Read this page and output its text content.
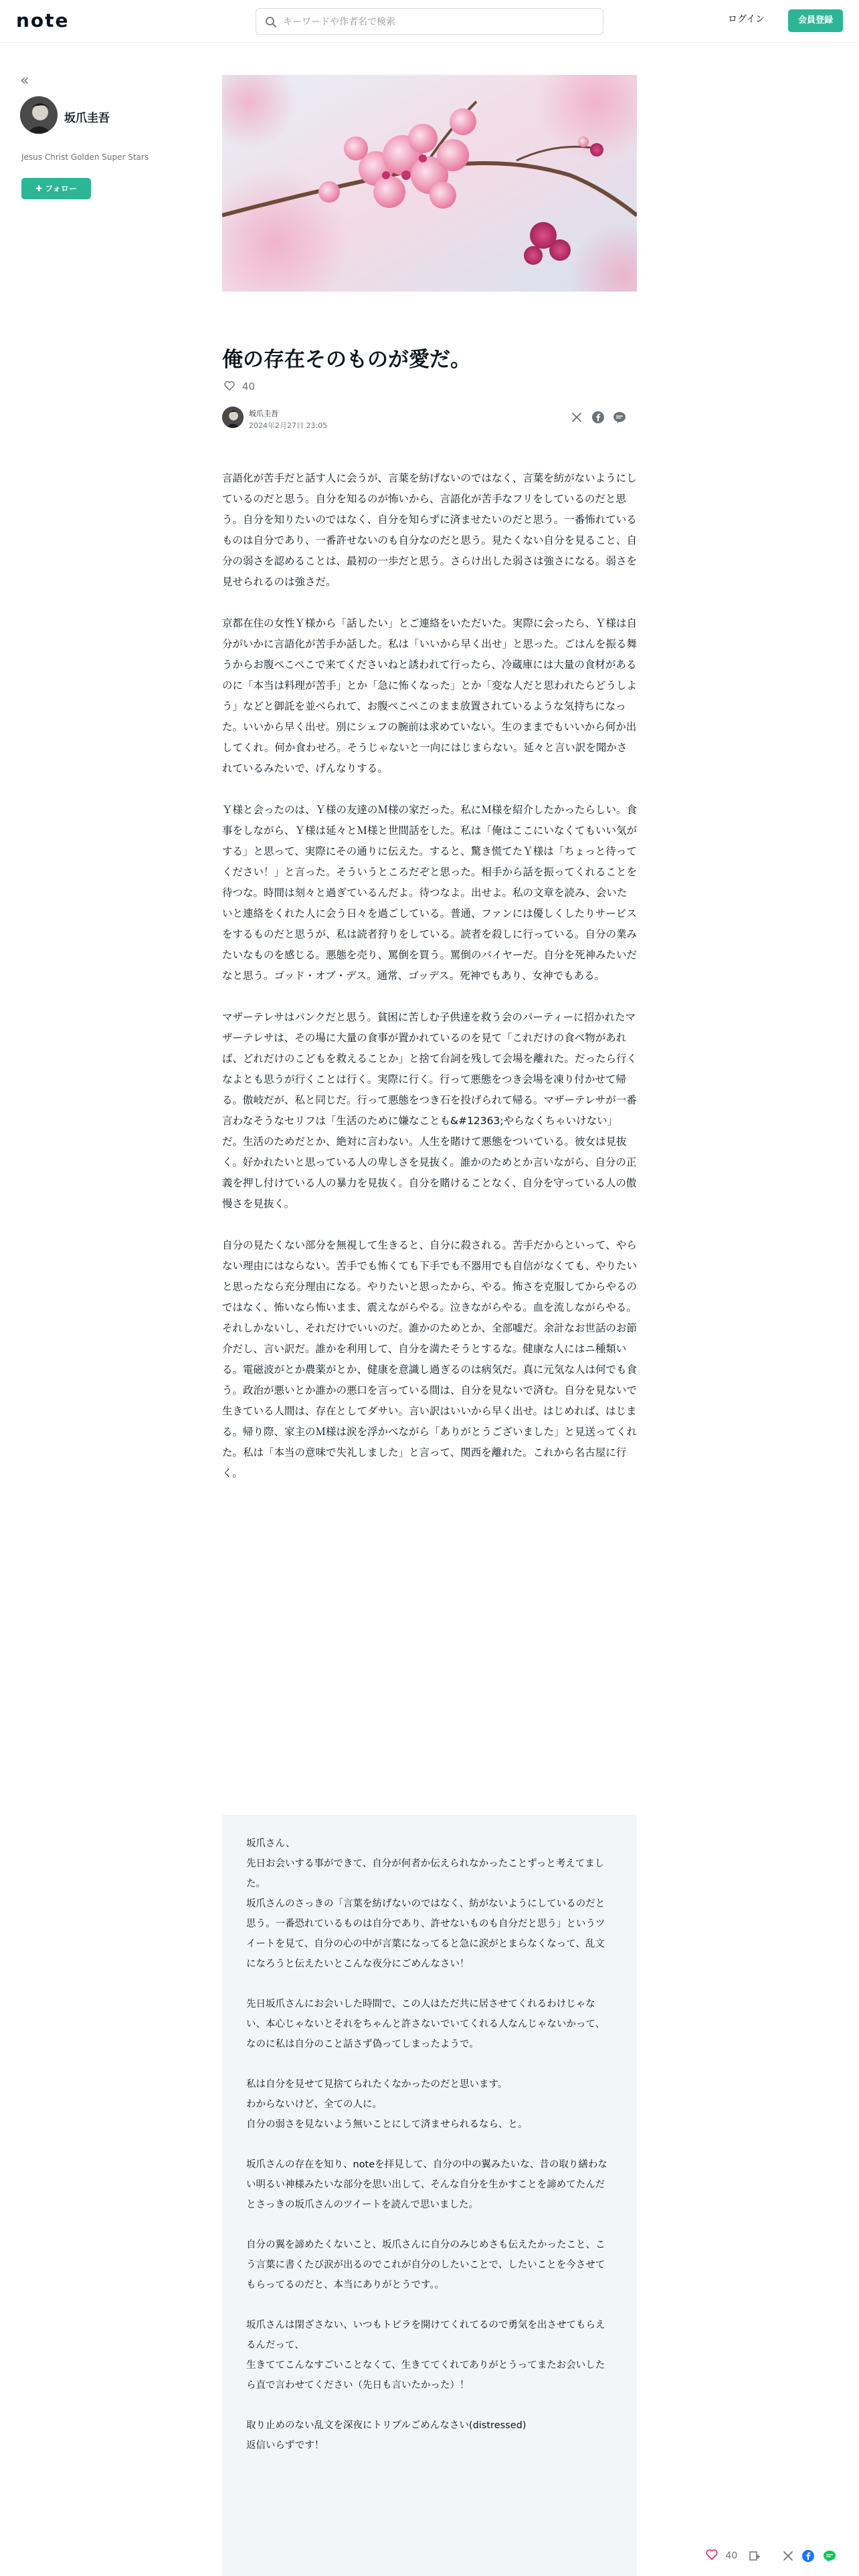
note
キーワードや作者名で検索	ログイン	会員登録
«
坂爪圭吾
Jesus Christ Golden Super Stars
✚ フォロー
俺の存在そのものが愛だ。
40
坂爪圭吾
2024年2月27日 23:05

言語化が苦手だと話す人に会うが、言葉を紡げないのではなく、言葉を紡がないようにしているのだと思う。自分を知るのが怖いから、言語化が苦手なフリをしているのだと思う。自分を知りたいのではなく、自分を知らずに済ませたいのだと思う。一番怖れているものは自分であり、一番許せないのも自分なのだと思う。見たくない自分を見ること、自分の弱さを認めることは、最初の一歩だと思う。さらけ出した弱さは強さになる。弱さを見せられるのは強さだ。

京都在住の女性Ｙ様から「話したい」とご連絡をいただいた。実際に会ったら、Ｙ様は自分がいかに言語化が苦手か話した。私は「いいから早く出せ」と思った。ごはんを振る舞うからお腹ぺこぺこで来てくださいねと誘われて行ったら、冷蔵庫には大量の食材があるのに「本当は料理が苦手」とか「急に怖くなった」とか「変な人だと思われたらどうしよう」などと御託を並べられて、お腹ぺこぺこのまま放置されているような気持ちになった。いいから早く出せ。別にシェフの腕前は求めていない。生のままでもいいから何か出してくれ。何か食わせろ。そうじゃないと一向にはじまらない。延々と言い訳を聞かされているみたいで、げんなりする。

Ｙ様と会ったのは、Ｙ様の友達のＭ様の家だった。私にＭ様を紹介したかったらしい。食事をしながら、Ｙ様は延々とＭ様と世間話をした。私は「俺はここにいなくてもいい気がする」と思って、実際にその通りに伝えた。すると、驚き慌てたＹ様は「ちょっと待ってください！」と言った。そういうところだぞと思った。相手から話を振ってくれることを待つな。時間は刻々と過ぎているんだよ。待つなよ。出せよ。私の文章を読み、会いたいと連絡をくれた人に会う日々を過ごしている。普通、ファンには優しくしたりサービスをするものだと思うが、私は読者狩りをしている。読者を殺しに行っている。自分の業みたいなものを感じる。悪態を売り、罵倒を買う。罵倒のバイヤーだ。自分を死神みたいだなと思う。ゴッド・オブ・デス。通常、ゴッデス。死神でもあり、女神でもある。

マザーテレサはパンクだと思う。貧困に苦しむ子供達を救う会のパーティーに招かれたマザーテレサは、その場に大量の食事が置かれているのを見て「これだけの食べ物があれば、どれだけのこどもを救えることか」と捨て台詞を残して会場を離れた。だったら行くなよとも思うが行くことは行く。実際に行く。行って悪態をつき会場を凍り付かせて帰る。傲岐だが、私と同じだ。行って悪態をつき石を投げられて帰る。マザーテレサが一番言わなそうなセリフは「生活のために嫌なことも&#12363;やらなくちゃいけない」だ。生活のためだとか、絶対に言わない。人生を賭けて悪態をついている。彼女は見抜く。好かれたいと思っている人の卑しさを見抜く。誰かのためとか言いながら、自分の正義を押し付けている人の暴力を見抜く。自分を賭けることなく、自分を守っている人の傲慢さを見抜く。

自分の見たくない部分を無視して生きると、自分に殺される。苦手だからといって、やらない理由にはならない。苦手でも怖くても下手でも不器用でも自信がなくても、やりたいと思ったなら充分理由になる。やりたいと思ったから、やる。怖さを克服してからやるのではなく、怖いなら怖いまま、震えながらやる。泣きながらやる。血を流しながらやる。それしかないし、それだけでいいのだ。誰かのためとか、全部嘘だ。余計なお世話のお節介だし、言い訳だ。誰かを利用して、自分を満たそうとするな。健康な人にはニ種類いる。電磁波がとか農薬がとか、健康を意識し過ぎるのは病気だ。真に元気な人は何でも食う。政治が悪いとか誰かの悪口を言っている間は、自分を見ないで済む。自分を見ないで生きている人間は、存在としてダサい。言い訳はいいから早く出せ。はじめれば、はじまる。帰り際、家主のＭ様は涙を浮かべながら「ありがとうございました」と見送ってくれた。私は「本当の意味で失礼しました」と言って、関西を離れた。これから名古屋に行く。

坂爪さん、
先日お会いする事ができて、自分が何者か伝えられなかったことずっと考えてました。
坂爪さんのさっきの「言葉を紡げないのではなく、紡がないようにしているのだと思う。一番恐れているものは自分であり、許せないものも自分だと思う」というツイートを見て、自分の心の中が言葉になってると急に涙がとまらなくなって、乱文になろうと伝えたいとこんな夜分にごめんなさい！

先日坂爪さんにお会いした時間で、この人はただ共に居させてくれるわけじゃない、本心じゃないとそれをちゃんと許さないでいてくれる人なんじゃないかって、なのに私は自分のこと話さず偽ってしまったようで。

私は自分を見せて見捨てられたくなかったのだと思います。
わからないけど、全ての人に。
自分の弱さを見ないよう無いことにして済ませられるなら、と。

坂爪さんの存在を知り、noteを拝見して、自分の中の翼みたいな、昔の取り繕わない明るい神様みたいな部分を思い出して、そんな自分を生かすことを諦めてたんだとさっきの坂爪さんのツイートを読んで思いました。

自分の翼を諦めたくないこと、坂爪さんに自分のみじめさも伝えたかったこと、こう言葉に書くたび涙が出るのでこれが自分のしたいことで、したいことを今させてもらってるのだと、本当にありがとうです。。

坂爪さんは閉ざさない、いつもトビラを開けてくれてるので勇気を出させてもらえるんだって、
生きててこんなすごいことなくて、生きててくれてありがとうってまたお会いしたら直で言わせてください（先日も言いたかった）！

取り止めのない乱文を深夜にトリプルごめんなさい(distressed)
返信いらずです！

40
